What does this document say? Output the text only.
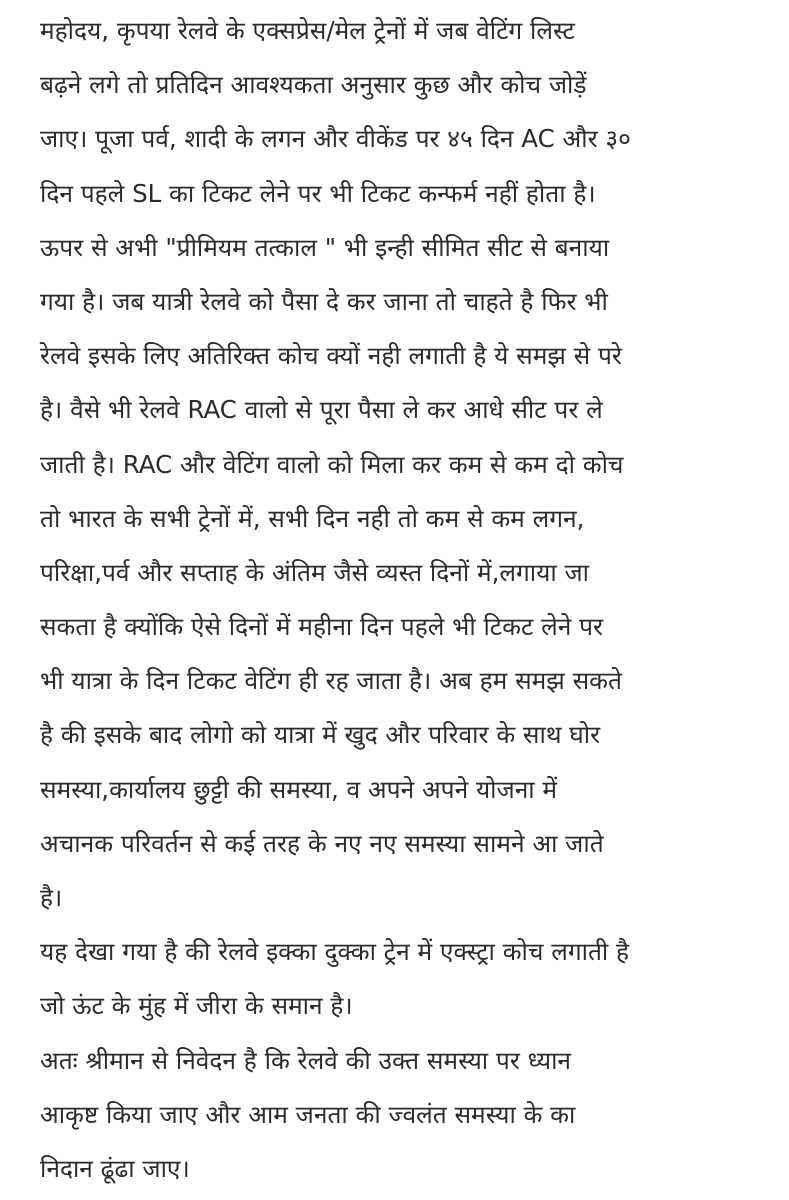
महोदय, कृपया रेलवे के एक्सप्रेस/मेल ट्रेनों में जब वेटिंग लिस्ट
बढ़ने लगे तो प्रतिदिन आवश्यकता अनुसार कुछ और कोच जोड़ें
जाए। पूजा पर्व, शादी के लगन और वीकेंड पर ४५ दिन AC और ३०
दिन पहले SL का टिकट लेने पर भी टिकट कन्फर्म नहीं होता है।
ऊपर से अभी "प्रीमियम तत्काल " भी इन्ही सीमित सीट से बनाया
गया है। जब यात्री रेलवे को पैसा दे कर जाना तो चाहते है फिर भी
रेलवे इसके लिए अतिरिक्त कोच क्यों नही लगाती है ये समझ से परे
है। वैसे भी रेलवे RAC वालो से पूरा पैसा ले कर आधे सीट पर ले
जाती है। RAC और वेटिंग वालो को मिला कर कम से कम दो कोच
तो भारत के सभी ट्रेनों में, सभी दिन नही तो कम से कम लगन,
परिक्षा,पर्व और सप्ताह के अंतिम जैसे व्यस्त दिनों में,लगाया जा
सकता है क्योंकि ऐसे दिनों में महीना दिन पहले भी टिकट लेने पर
भी यात्रा के दिन टिकट वेटिंग ही रह जाता है। अब हम समझ सकते
है की इसके बाद लोगो को यात्रा में खुद और परिवार के साथ घोर
समस्या,कार्यालय छुट्टी की समस्या, व अपने अपने योजना में
अचानक परिवर्तन से कई तरह के नए नए समस्या सामने आ जाते
है।
यह देखा गया है की रेलवे इक्का दुक्का ट्रेन में एक्स्ट्रा कोच लगाती है
जो ऊंट के मुंह में जीरा के समान है।
अतः श्रीमान से निवेदन है कि रेलवे की उक्त समस्या पर ध्यान
आकृष्ट किया जाए और आम जनता की ज्वलंत समस्या के का
निदान ढूंढा जाए।
